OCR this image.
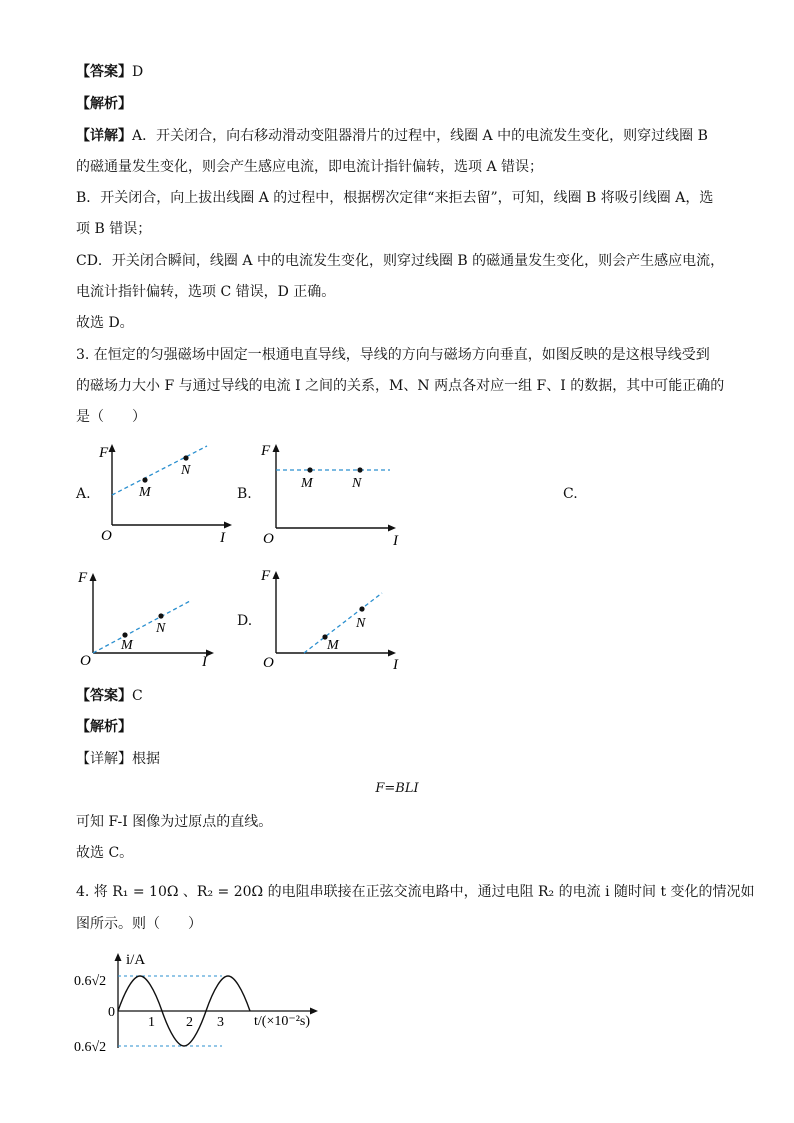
【答案】D
【解析】
【详解】A．开关闭合，向右移动滑动变阻器滑片的过程中，线圈 A 中的电流发生变化，则穿过线圈 B
的磁通量发生变化，则会产生感应电流，即电流计指针偏转，选项 A 错误；
B．开关闭合，向上拔出线圈 A 的过程中，根据楞次定律“来拒去留”，可知，线圈 B 将吸引线圈 A，选
项 B 错误；
CD．开关闭合瞬间，线圈 A 中的电流发生变化，则穿过线圈 B 的磁通量发生变化，则会产生感应电流，
电流计指针偏转，选项 C 错误，D 正确。
故选 D。
3. 在恒定的匀强磁场中固定一根通电直导线，导线的方向与磁场方向垂直，如图反映的是这根导线受到
的磁场力大小 F 与通过导线的电流 I 之间的关系，M、N 两点各对应一组 F、I 的数据，其中可能正确的
是（　　）
A.	B.	C.
D.
F
O	I
M
N
F
O	I
M	N
F
O	I
M
N
F
O	I
M
N
【答案】C
【解析】
【详解】根据
F=BLI
可知 F-I 图像为过原点的直线。
故选 C。
4. 将 R₁ = 10Ω 、R₂ = 20Ω 的电阻串联接在正弦交流电路中，通过电阻 R₂ 的电流 i 随时间 t 变化的情况如
图所示。则（　　）
i/A
0.6√2
0
0.6√2
1 2 3 t/(×10⁻²s)
